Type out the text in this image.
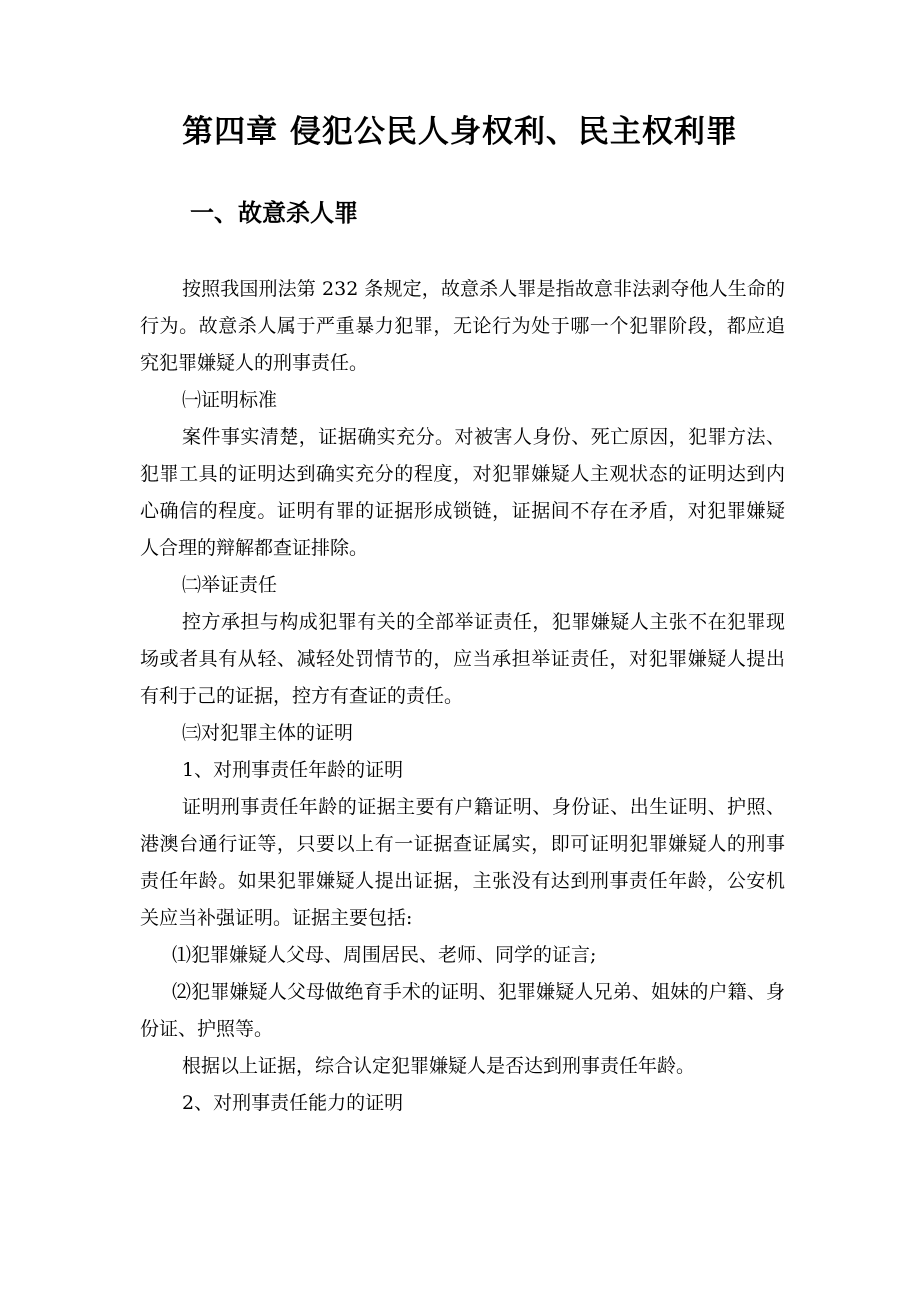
第四章 侵犯公民人身权利、民主权利罪
一、故意杀人罪

按照我国刑法第 232 条规定，故意杀人罪是指故意非法剥夺他人生命的行为。故意杀人属于严重暴力犯罪，无论行为处于哪一个犯罪阶段，都应追究犯罪嫌疑人的刑事责任。

㈠证明标准

案件事实清楚，证据确实充分。对被害人身份、死亡原因，犯罪方法、犯罪工具的证明达到确实充分的程度，对犯罪嫌疑人主观状态的证明达到内心确信的程度。证明有罪的证据形成锁链，证据间不存在矛盾，对犯罪嫌疑人合理的辩解都查证排除。

㈡举证责任

控方承担与构成犯罪有关的全部举证责任，犯罪嫌疑人主张不在犯罪现场或者具有从轻、减轻处罚情节的，应当承担举证责任，对犯罪嫌疑人提出有利于己的证据，控方有查证的责任。

㈢对犯罪主体的证明

1、对刑事责任年龄的证明

证明刑事责任年龄的证据主要有户籍证明、身份证、出生证明、护照、港澳台通行证等，只要以上有一证据查证属实，即可证明犯罪嫌疑人的刑事责任年龄。如果犯罪嫌疑人提出证据，主张没有达到刑事责任年龄，公安机关应当补强证明。证据主要包括:

⑴犯罪嫌疑人父母、周围居民、老师、同学的证言;

⑵犯罪嫌疑人父母做绝育手术的证明、犯罪嫌疑人兄弟、姐妹的户籍、身份证、护照等。

根据以上证据，综合认定犯罪嫌疑人是否达到刑事责任年龄。

2、对刑事责任能力的证明
